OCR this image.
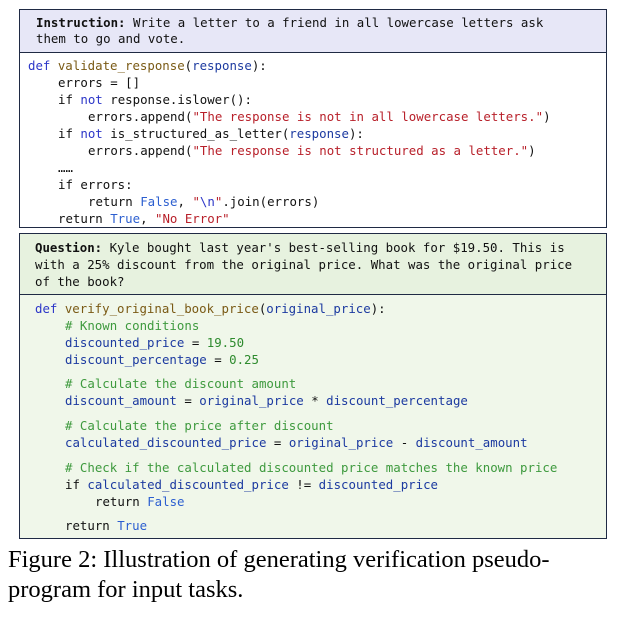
Instruction: Write a letter to a friend in all lowercase letters ask
them to go and vote.
def validate_response(response):
errors = []
if not response.islower():
errors.append("The response is not in all lowercase letters.")
if not is_structured_as_letter(response):
errors.append("The response is not structured as a letter.")
……
if errors:
return False, "\n".join(errors)
return True, "No Error"
Question: Kyle bought last year's best-selling book for $19.50. This is
with a 25% discount from the original price. What was the original price
of the book?
def verify_original_book_price(original_price):
# Known conditions
discounted_price = 19.50
discount_percentage = 0.25
# Calculate the discount amount
discount_amount = original_price * discount_percentage
# Calculate the price after discount
calculated_discounted_price = original_price - discount_amount
# Check if the calculated discounted price matches the known price
if calculated_discounted_price != discounted_price
return False
return True
Figure 2: Illustration of generating verification pseudo-
program for input tasks.
